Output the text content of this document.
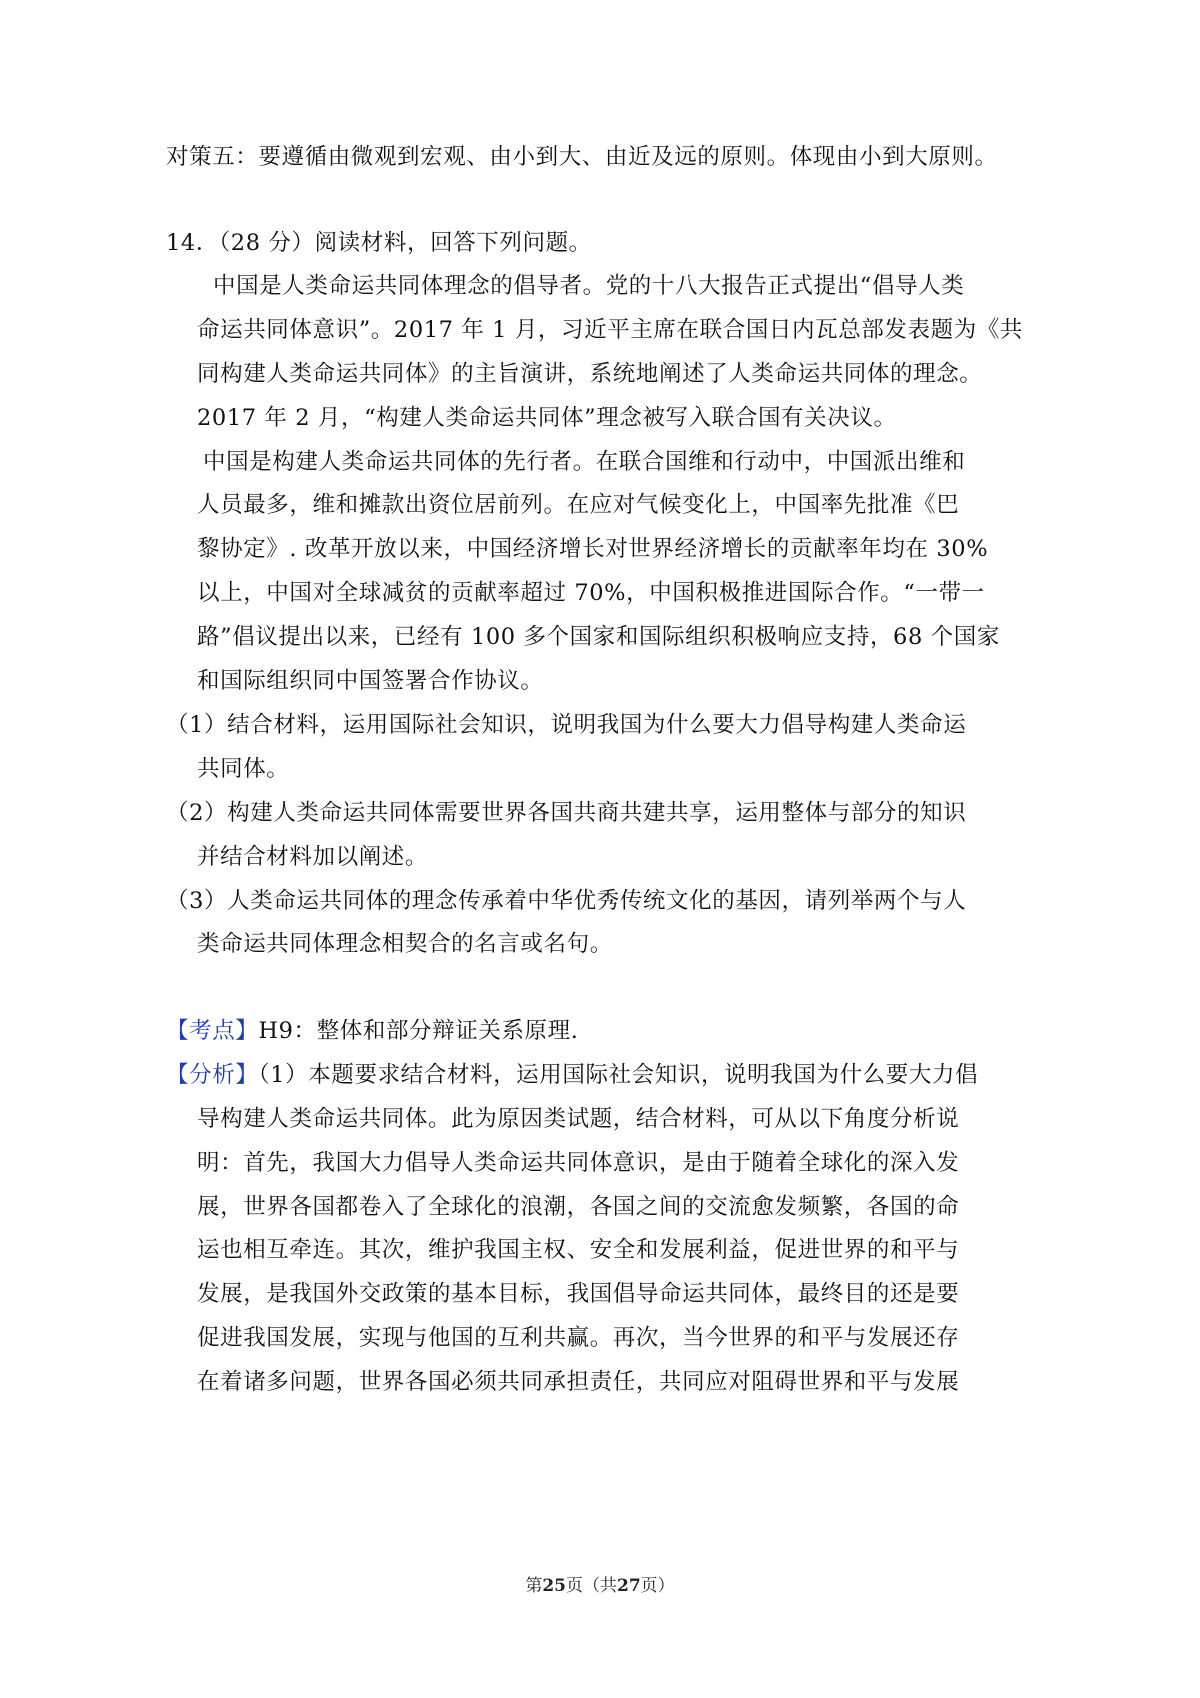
对策五：要遵循由微观到宏观、由小到大、由近及远的原则。体现由小到大原则。
14．（28 分）阅读材料，回答下列问题。
中国是人类命运共同体理念的倡导者。党的十八大报告正式提出“倡导人类
命运共同体意识”。2017 年 1 月，习近平主席在联合国日内瓦总部发表题为《共
同构建人类命运共同体》的主旨演讲，系统地阐述了人类命运共同体的理念。
2017 年 2 月，“构建人类命运共同体”理念被写入联合国有关决议。
中国是构建人类命运共同体的先行者。在联合国维和行动中，中国派出维和
人员最多，维和摊款出资位居前列。在应对气候变化上，中国率先批准《巴
黎协定》. 改革开放以来，中国经济增长对世界经济增长的贡献率年均在 30%
以上，中国对全球减贫的贡献率超过 70%，中国积极推进国际合作。“一带一
路”倡议提出以来，已经有 100 多个国家和国际组织积极响应支持，68 个国家
和国际组织同中国签署合作协议。
（1）结合材料，运用国际社会知识，说明我国为什么要大力倡导构建人类命运
共同体。
（2）构建人类命运共同体需要世界各国共商共建共享，运用整体与部分的知识
并结合材料加以阐述。
（3）人类命运共同体的理念传承着中华优秀传统文化的基因，请列举两个与人
类命运共同体理念相契合的名言或名句。
【考点】H9：整体和部分辩证关系原理.
【分析】（1）本题要求结合材料，运用国际社会知识，说明我国为什么要大力倡
导构建人类命运共同体。此为原因类试题，结合材料，可从以下角度分析说
明：首先，我国大力倡导人类命运共同体意识，是由于随着全球化的深入发
展，世界各国都卷入了全球化的浪潮，各国之间的交流愈发频繁，各国的命
运也相互牵连。其次，维护我国主权、安全和发展利益，促进世界的和平与
发展，是我国外交政策的基本目标，我国倡导命运共同体，最终目的还是要
促进我国发展，实现与他国的互利共赢。再次，当今世界的和平与发展还存
在着诸多问题，世界各国必须共同承担责任，共同应对阻碍世界和平与发展
第25页（共27页）
